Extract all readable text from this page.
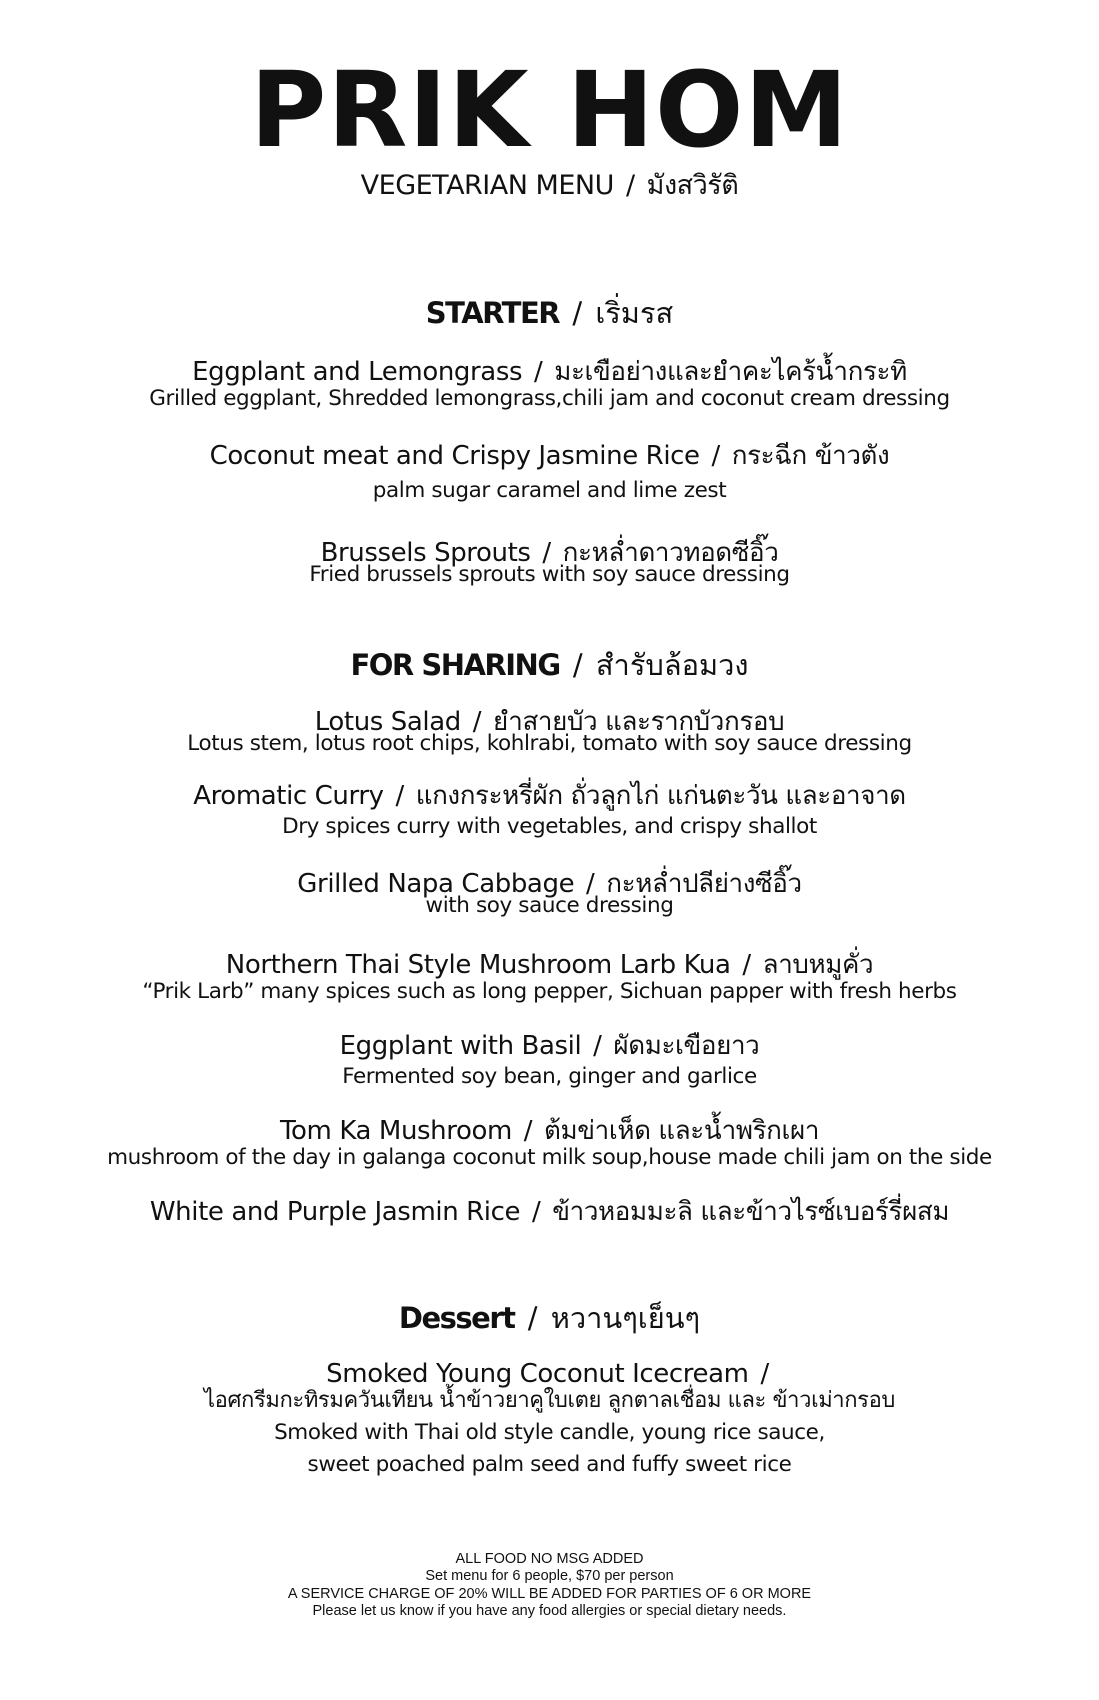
PRIK HOM
VEGETARIAN MENU / มังสวิรัติ
STARTER / เริ่มรส
Eggplant and Lemongrass / มะเขือย่างและยำคะไคร้น้ำกระทิ
Grilled eggplant, Shredded lemongrass,chili jam and coconut cream dressing
Coconut meat and Crispy Jasmine Rice / กระฉีก ข้าวตัง
palm sugar caramel and lime zest
Brussels Sprouts / กะหล่ำดาวทอดซีอิ๊ว
Fried brussels sprouts with soy sauce dressing
FOR SHARING / สำรับล้อมวง
Lotus Salad / ยำสายบัว และรากบัวกรอบ
Lotus stem, lotus root chips, kohlrabi, tomato with soy sauce dressing
Aromatic Curry / แกงกระหรี่ผัก ถั่วลูกไก่ แก่นตะวัน และอาจาด
Dry spices curry with vegetables, and crispy shallot
Grilled Napa Cabbage / กะหล่ำปลีย่างซีอิ๊ว
with soy sauce dressing
Northern Thai Style Mushroom Larb Kua / ลาบหมูคั่ว
“Prik Larb” many spices such as long pepper, Sichuan papper with fresh herbs
Eggplant with Basil / ผัดมะเขือยาว
Fermented soy bean, ginger and garlice
Tom Ka Mushroom / ต้มข่าเห็ด และน้ำพริกเผา
mushroom of the day in galanga coconut milk soup,house made chili jam on the side
White and Purple Jasmin Rice / ข้าวหอมมะลิ และข้าวไรซ์เบอร์รี่ผสม
Dessert / หวานๆเย็นๆ
Smoked Young Coconut Icecream /
ไอศกรีมกะทิรมควันเทียน น้ำข้าวยาคูใบเตย ลูกตาลเชื่อม และ ข้าวเม่ากรอบ
Smoked with Thai old style candle, young rice sauce,
sweet poached palm seed and fuffy sweet rice
ALL FOOD NO MSG ADDED
Set menu for 6 people, $70 per person
A SERVICE CHARGE OF 20% WILL BE ADDED FOR PARTIES OF 6 OR MORE
Please let us know if you have any food allergies or special dietary needs.
